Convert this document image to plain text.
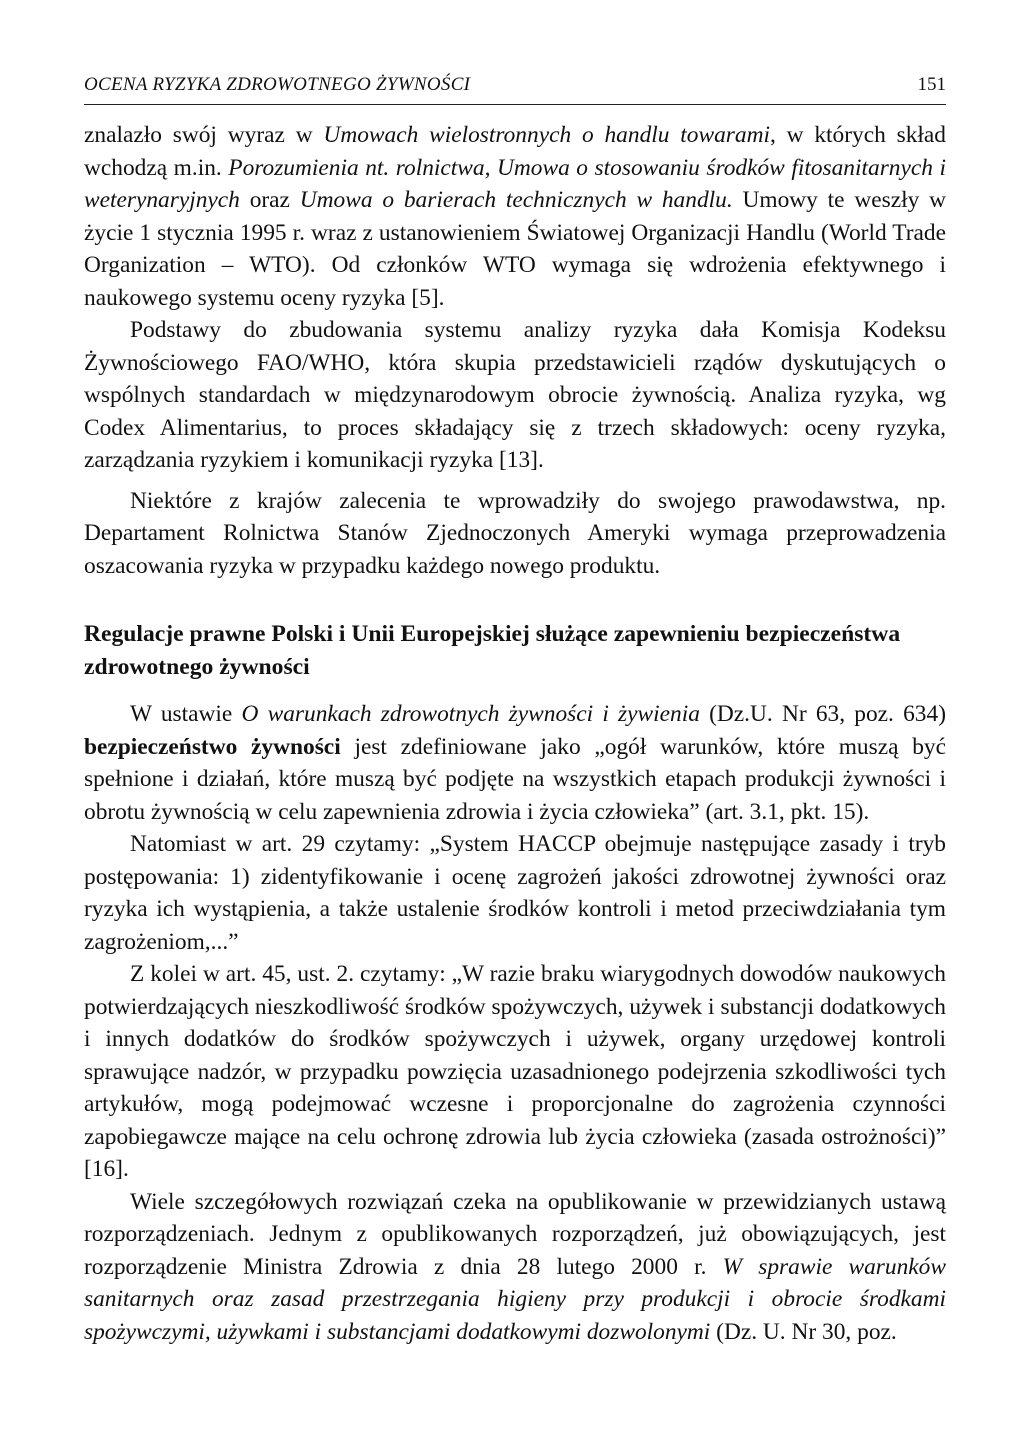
OCENA RYZYKA ZDROWOTNEGO ŻYWNOŚCI	151

znalazło swój wyraz w Umowach wielostronnych o handlu towarami, w których skład wchodzą m.in. Porozumienia nt. rolnictwa, Umowa o stosowaniu środków fitosanitarnych i weterynaryjnych oraz Umowa o barierach technicznych w handlu. Umowy te weszły w życie 1 stycznia 1995 r. wraz z ustanowieniem Światowej Organizacji Handlu (World Trade Organization – WTO). Od członków WTO wymaga się wdrożenia efektywnego i naukowego systemu oceny ryzyka [5].

Podstawy do zbudowania systemu analizy ryzyka dała Komisja Kodeksu Żywnościowego FAO/WHO, która skupia przedstawicieli rządów dyskutujących o wspólnych standardach w międzynarodowym obrocie żywnością. Analiza ryzyka, wg Codex Alimentarius, to proces składający się z trzech składowych: oceny ryzyka, zarządzania ryzykiem i komunikacji ryzyka [13].

Niektóre z krajów zalecenia te wprowadziły do swojego prawodawstwa, np. Departament Rolnictwa Stanów Zjednoczonych Ameryki wymaga przeprowadzenia oszacowania ryzyka w przypadku każdego nowego produktu.

Regulacje prawne Polski i Unii Europejskiej służące zapewnieniu bezpieczeństwa zdrowotnego żywności

W ustawie O warunkach zdrowotnych żywności i żywienia (Dz.U. Nr 63, poz. 634) bezpieczeństwo żywności jest zdefiniowane jako „ogół warunków, które muszą być spełnione i działań, które muszą być podjęte na wszystkich etapach produkcji żywności i obrotu żywnością w celu zapewnienia zdrowia i życia człowieka” (art. 3.1, pkt. 15).

Natomiast w art. 29 czytamy: „System HACCP obejmuje następujące zasady i tryb postępowania: 1) zidentyfikowanie i ocenę zagrożeń jakości zdrowotnej żywności oraz ryzyka ich wystąpienia, a także ustalenie środków kontroli i metod przeciwdziałania tym zagrożeniom,...”

Z kolei w art. 45, ust. 2. czytamy: „W razie braku wiarygodnych dowodów naukowych potwierdzających nieszkodliwość środków spożywczych, używek i substancji dodatkowych i innych dodatków do środków spożywczych i używek, organy urzędowej kontroli sprawujące nadzór, w przypadku powzięcia uzasadnionego podejrzenia szkodliwości tych artykułów, mogą podejmować wczesne i proporcjonalne do zagrożenia czynności zapobiegawcze mające na celu ochronę zdrowia lub życia człowieka (zasada ostrożności)” [16].

Wiele szczegółowych rozwiązań czeka na opublikowanie w przewidzianych ustawą rozporządzeniach. Jednym z opublikowanych rozporządzeń, już obowiązujących, jest rozporządzenie Ministra Zdrowia z dnia 28 lutego 2000 r. W sprawie warunków sanitarnych oraz zasad przestrzegania higieny przy produkcji i obrocie środkami spożywczymi, używkami i substancjami dodatkowymi dozwolonymi (Dz. U. Nr 30, poz.
